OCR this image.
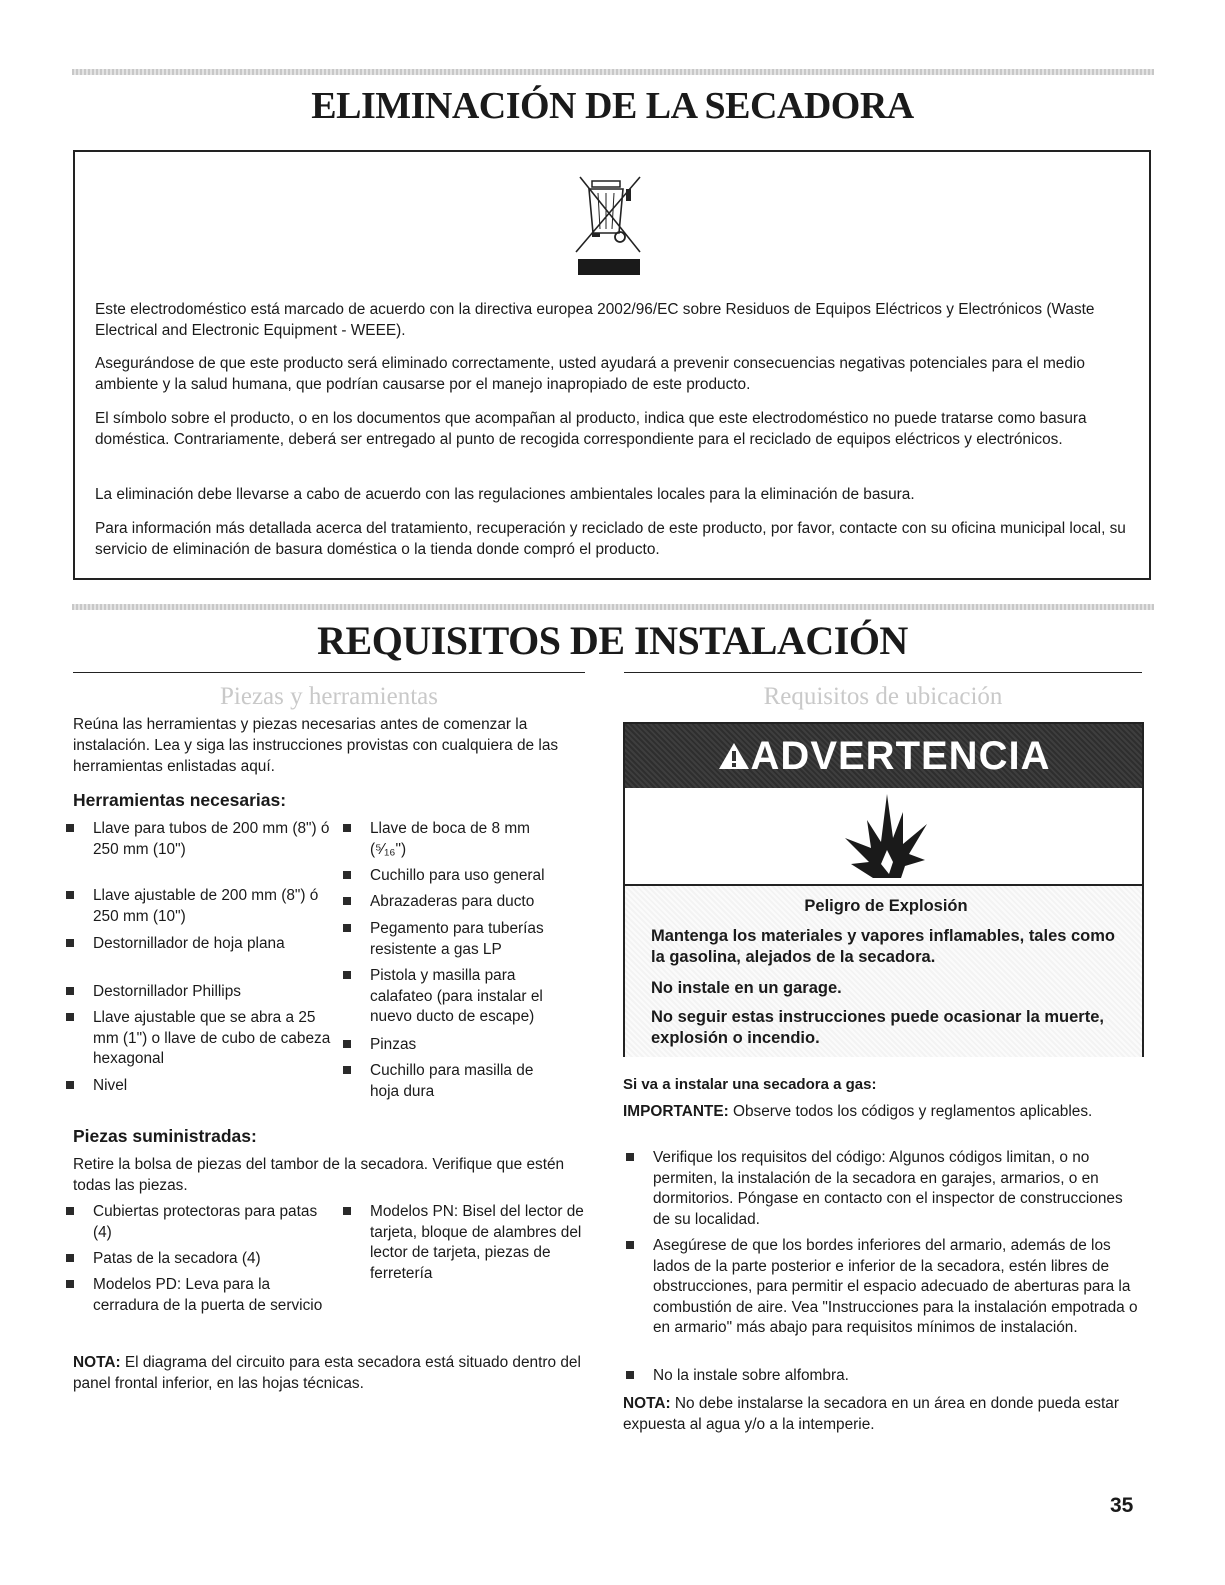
ELIMINACIÓN DE LA SECADORA
Este electrodoméstico está marcado de acuerdo con la directiva europea 2002/96/EC sobre Residuos de Equipos Eléctricos y Electrónicos (Waste Electrical and Electronic Equipment - WEEE).
Asegurándose de que este producto será eliminado correctamente, usted ayudará a prevenir consecuencias negativas potenciales para el medio ambiente y la salud humana, que podrían causarse por el manejo inapropiado de este producto.
El símbolo sobre el producto, o en los documentos que acompañan al producto, indica que este electrodoméstico no puede tratarse como basura doméstica. Contrariamente, deberá ser entregado al punto de recogida correspondiente para el reciclado de equipos eléctricos y electrónicos.
La eliminación debe llevarse a cabo de acuerdo con las regulaciones ambientales locales para la eliminación de basura.
Para información más detallada acerca del tratamiento, recuperación y reciclado de este producto, por favor, contacte con su oficina municipal local, su servicio de eliminación de basura doméstica o la tienda donde compró el producto.
REQUISITOS DE INSTALACIÓN
Piezas y herramientas
Reúna las herramientas y piezas necesarias antes de comenzar la instalación. Lea y siga las instrucciones provistas con cualquiera de las herramientas enlistadas aquí.
Herramientas necesarias:
Llave para tubos de 200 mm (8") ó 250 mm (10")
Llave ajustable de 200 mm (8") ó 250 mm (10")
Destornillador de hoja plana
Destornillador Phillips
Llave ajustable que se abra a 25 mm (1") o llave de cubo de cabeza hexagonal
Nivel
Llave de boca de 8 mm (⁵⁄₁₆")
Cuchillo para uso general
Abrazaderas para ducto
Pegamento para tuberías resistente a gas LP
Pistola y masilla para calafateo (para instalar el nuevo ducto de escape)
Pinzas
Cuchillo para masilla de hoja dura
Piezas suministradas:
Retire la bolsa de piezas del tambor de la secadora. Verifique que estén todas las piezas.
Cubiertas protectoras para patas (4)
Patas de la secadora (4)
Modelos PD: Leva para la cerradura de la puerta de servicio
Modelos PN: Bisel del lector de tarjeta, bloque de alambres del lector de tarjeta, piezas de ferretería
NOTA: El diagrama del circuito para esta secadora está situado dentro del panel frontal inferior, en las hojas técnicas.
Requisitos de ubicación
ADVERTENCIA
Peligro de Explosión
Mantenga los materiales y vapores inflamables, tales como la gasolina, alejados de la secadora.
No instale en un garage.
No seguir estas instrucciones puede ocasionar la muerte, explosión o incendio.
Si va a instalar una secadora a gas:
IMPORTANTE: Observe todos los códigos y reglamentos aplicables.
Verifique los requisitos del código: Algunos códigos limitan, o no permiten, la instalación de la secadora en garajes, armarios, o en dormitorios. Póngase en contacto con el inspector de construcciones de su localidad.
Asegúrese de que los bordes inferiores del armario, además de los lados de la parte posterior e inferior de la secadora, estén libres de obstrucciones, para permitir el espacio adecuado de aberturas para la combustión de aire. Vea "Instrucciones para la instalación empotrada o en armario" más abajo para requisitos mínimos de instalación.
No la instale sobre alfombra.
NOTA: No debe instalarse la secadora en un área en donde pueda estar expuesta al agua y/o a la intemperie.
35
